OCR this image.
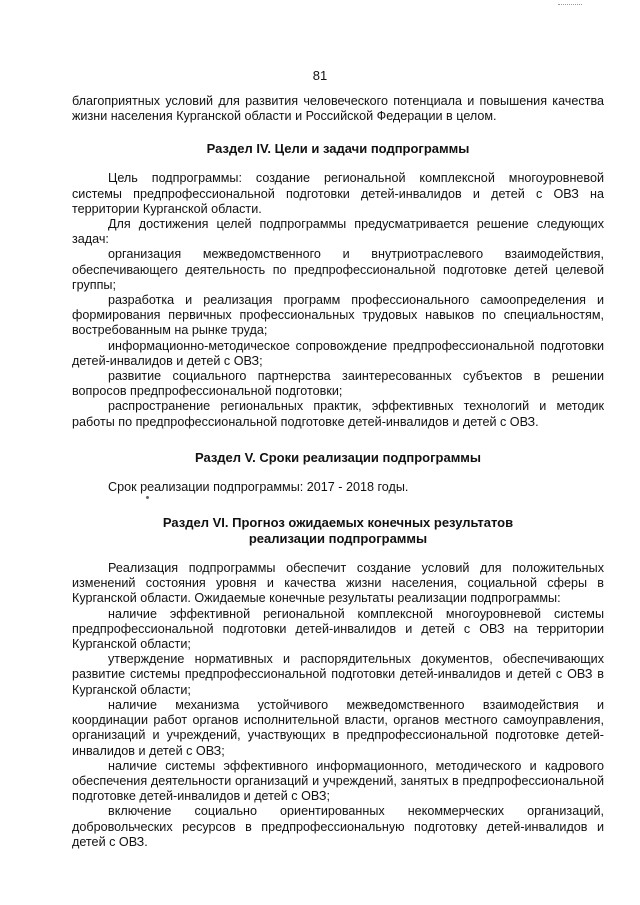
81

благоприятных условий для развития человеческого потенциала и повышения качества жизни населения Курганской области и Российской Федерации в целом.

Раздел IV. Цели и задачи подпрограммы

Цель подпрограммы: создание региональной комплексной многоуровневой системы предпрофессиональной подготовки детей-инвалидов и детей с ОВЗ на территории Курганской области.

Для достижения целей подпрограммы предусматривается решение следующих задач:

организация межведомственного и внутриотраслевого взаимодействия, обеспечивающего деятельность по предпрофессиональной подготовке детей целевой группы;

разработка и реализация программ профессионального самоопределения и формирования первичных профессиональных трудовых навыков по специальностям, востребованным на рынке труда;

информационно-методическое сопровождение предпрофессиональной подготовки детей-инвалидов и детей с ОВЗ;

развитие социального партнерства заинтересованных субъектов в решении вопросов предпрофессиональной подготовки;

распространение региональных практик, эффективных технологий и методик работы по предпрофессиональной подготовке детей-инвалидов и детей с ОВЗ.

Раздел V. Сроки реализации подпрограммы

Срок реализации подпрограммы: 2017 - 2018 годы.

Раздел VI. Прогноз ожидаемых конечных результатов
реализации подпрограммы

Реализация подпрограммы обеспечит создание условий для положительных изменений состояния уровня и качества жизни населения, социальной сферы в Курганской области. Ожидаемые конечные результаты реализации подпрограммы:

наличие эффективной региональной комплексной многоуровневой системы предпрофессиональной подготовки детей-инвалидов и детей с ОВЗ на территории Курганской области;

утверждение нормативных и распорядительных документов, обеспечивающих развитие системы предпрофессиональной подготовки детей-инвалидов и детей с ОВЗ в Курганской области;

наличие механизма устойчивого межведомственного взаимодействия и координации работ органов исполнительной власти, органов местного самоуправления, организаций и учреждений, участвующих в предпрофессиональной подготовке детей-инвалидов и детей с ОВЗ;

наличие системы эффективного информационного, методического и кадрового обеспечения деятельности организаций и учреждений, занятых в предпрофессиональной подготовке детей-инвалидов и детей с ОВЗ;

включение социально ориентированных некоммерческих организаций, добровольческих ресурсов в предпрофессиональную подготовку детей-инвалидов и детей с ОВЗ.
